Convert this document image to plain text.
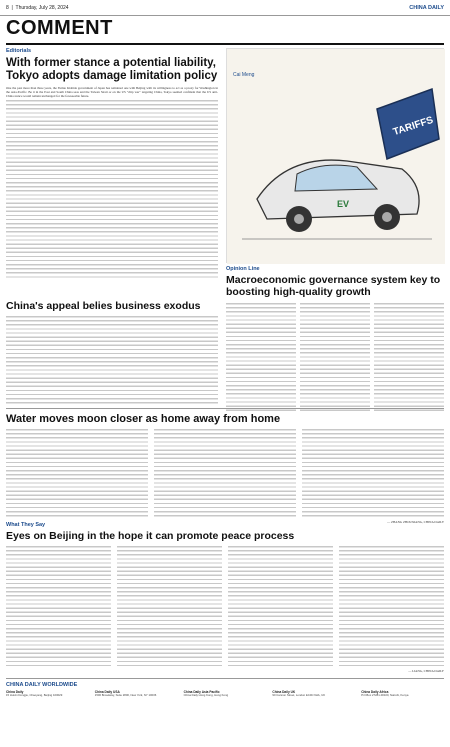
8  |  Thursday, July 28, 2024	CHINA DAILY
COMMENT
Editorials
With former stance a potential liability, Tokyo adopts damage limitation policy
One the past more than three years, the Fumio Kishida government of Japan has remained one with Beijing with its willingness to act as a proxy for Washington in the Asia-Pacific. Be it in the East and South China seas and the Taiwan Strait or on the US "chip war" targeting China, Tokyo seemed confident that the US anti-China stance would remain unchanged for the foreseeable future.
TARIFFS
EV
Cai Meng
Opinion Line
Macroeconomic governance system key to boosting high-quality growth
China's appeal belies business exodus
Water moves moon closer as home away from home
— ZHANG ZHOUXIANG, CHINA DAILY
What They Say
Eyes on Beijing in the hope it can promote peace process
— LIANG, CHINA DAILY
CHINA DAILY WORLDWIDE
China Daily
15 Huixin Dongjie, Chaoyang, Beijing 100029
China Daily USA
1500 Broadway, Suite 2800, New York, NY 10036
China Daily Asia Pacific
China Daily Hong Kong, Hong Kong
China Daily UK
90 Cannon Street, London EC4N 6HA, UK
China Daily Africa
P.O.Box 27281-00100, Nairobi, Kenya
